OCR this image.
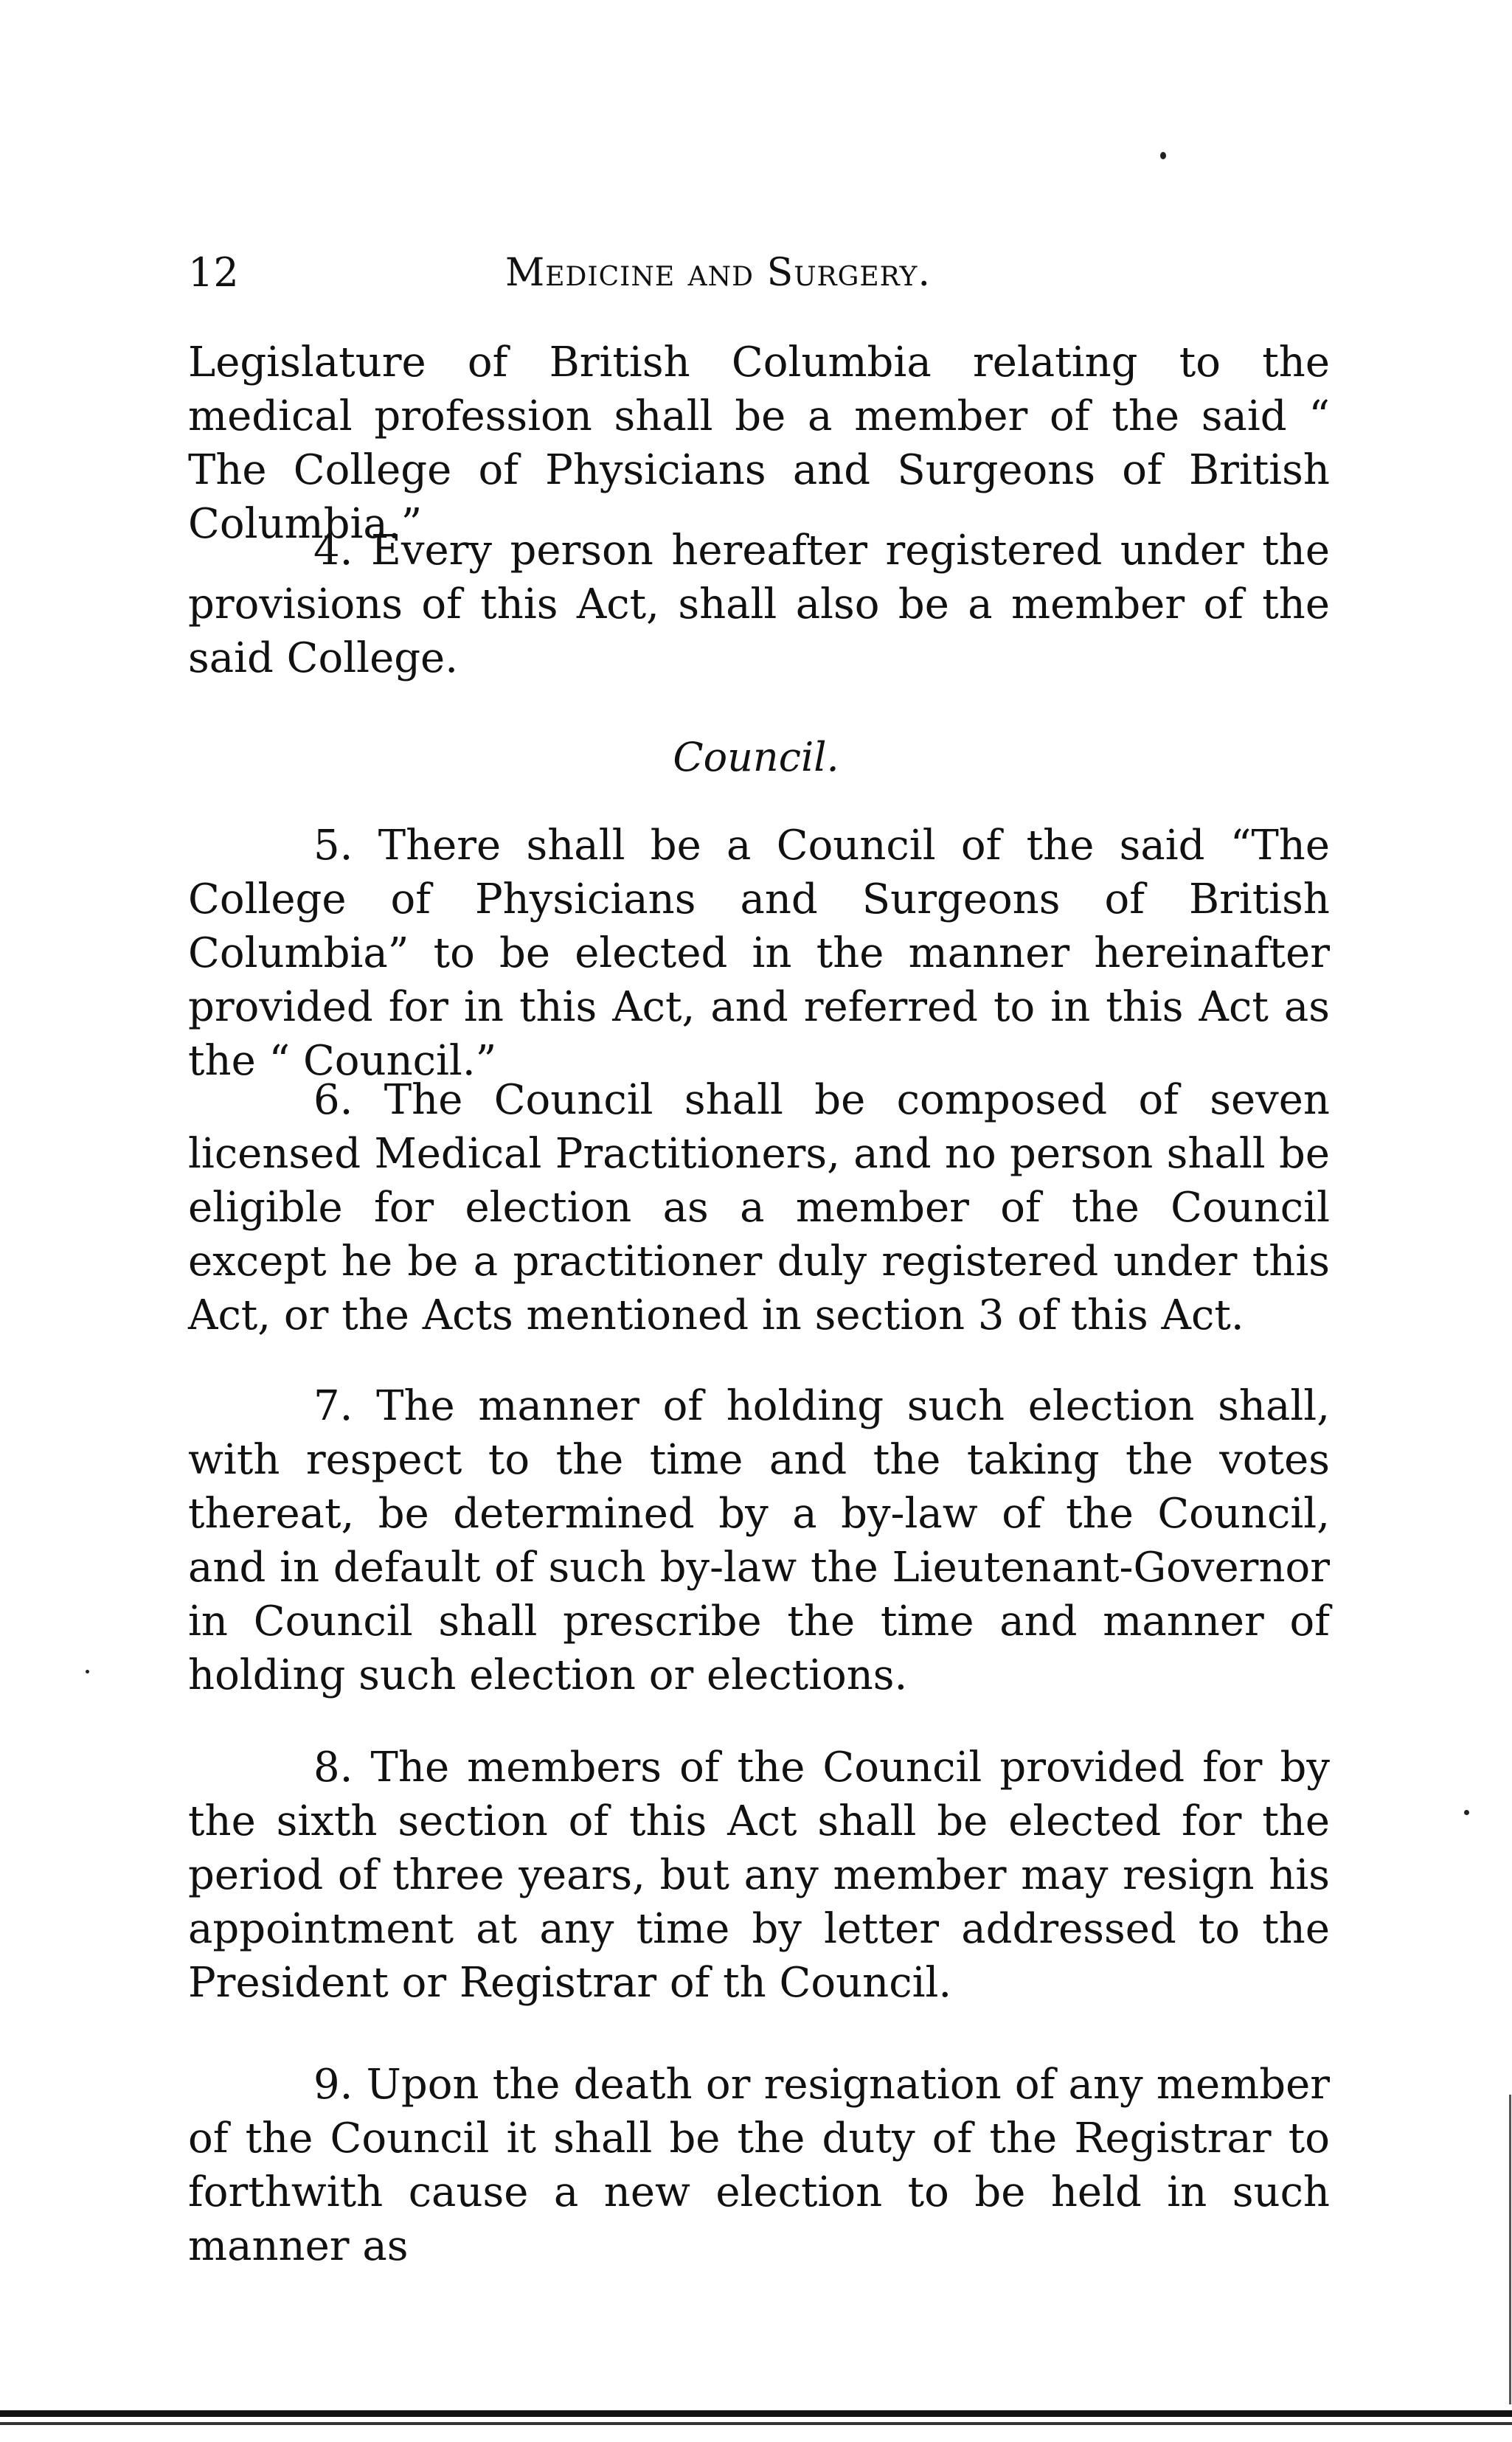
12	Medicine and Surgery.

Legislature of British Columbia relating to the medical profession shall be a member of the said “ The College of Physicians and Surgeons of British Columbia.”

4. Every person hereafter registered under the provisions of this Act, shall also be a member of the said College.

Council.

5. There shall be a Council of the said “The College of Physicians and Surgeons of British Columbia” to be elected in the manner hereinafter provided for in this Act, and referred to in this Act as the “ Council.”

6. The Council shall be composed of seven licensed Medical Practitioners, and no person shall be eligible for election as a member of the Council except he be a practitioner duly registered under this Act, or the Acts mentioned in section 3 of this Act.

7. The manner of holding such election shall, with respect to the time and the taking the votes thereat, be determined by a by-law of the Council, and in default of such by-law the Lieutenant-Governor in Council shall prescribe the time and manner of holding such election or elections.

8. The members of the Council provided for by the sixth section of this Act shall be elected for the period of three years, but any member may resign his appointment at any time by letter addressed to the President or Registrar of th Council.

9. Upon the death or resignation of any member of the Council it shall be the duty of the Registrar to forthwith cause a new election to be held in such manner as
